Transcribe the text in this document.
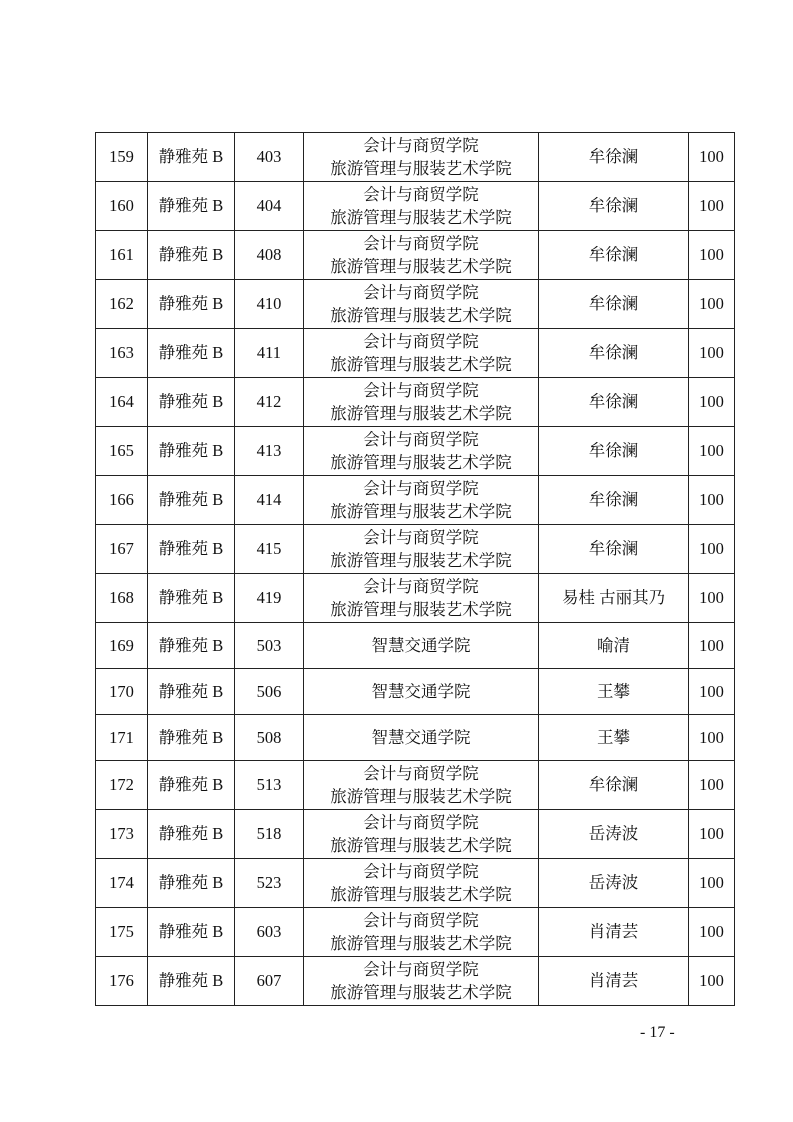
159	静雅苑 B	403	会计与商贸学院
旅游管理与服装艺术学院	牟徐澜	100
160	静雅苑 B	404	会计与商贸学院
旅游管理与服装艺术学院	牟徐澜	100
161	静雅苑 B	408	会计与商贸学院
旅游管理与服装艺术学院	牟徐澜	100
162	静雅苑 B	410	会计与商贸学院
旅游管理与服装艺术学院	牟徐澜	100
163	静雅苑 B	411	会计与商贸学院
旅游管理与服装艺术学院	牟徐澜	100
164	静雅苑 B	412	会计与商贸学院
旅游管理与服装艺术学院	牟徐澜	100
165	静雅苑 B	413	会计与商贸学院
旅游管理与服装艺术学院	牟徐澜	100
166	静雅苑 B	414	会计与商贸学院
旅游管理与服装艺术学院	牟徐澜	100
167	静雅苑 B	415	会计与商贸学院
旅游管理与服装艺术学院	牟徐澜	100
168	静雅苑 B	419	会计与商贸学院
旅游管理与服装艺术学院	易桂 古丽其乃	100
169	静雅苑 B	503	智慧交通学院	喻清	100
170	静雅苑 B	506	智慧交通学院	王攀	100
171	静雅苑 B	508	智慧交通学院	王攀	100
172	静雅苑 B	513	会计与商贸学院
旅游管理与服装艺术学院	牟徐澜	100
173	静雅苑 B	518	会计与商贸学院
旅游管理与服装艺术学院	岳涛波	100
174	静雅苑 B	523	会计与商贸学院
旅游管理与服装艺术学院	岳涛波	100
175	静雅苑 B	603	会计与商贸学院
旅游管理与服装艺术学院	肖清芸	100
176	静雅苑 B	607	会计与商贸学院
旅游管理与服装艺术学院	肖清芸	100
- 17 -
